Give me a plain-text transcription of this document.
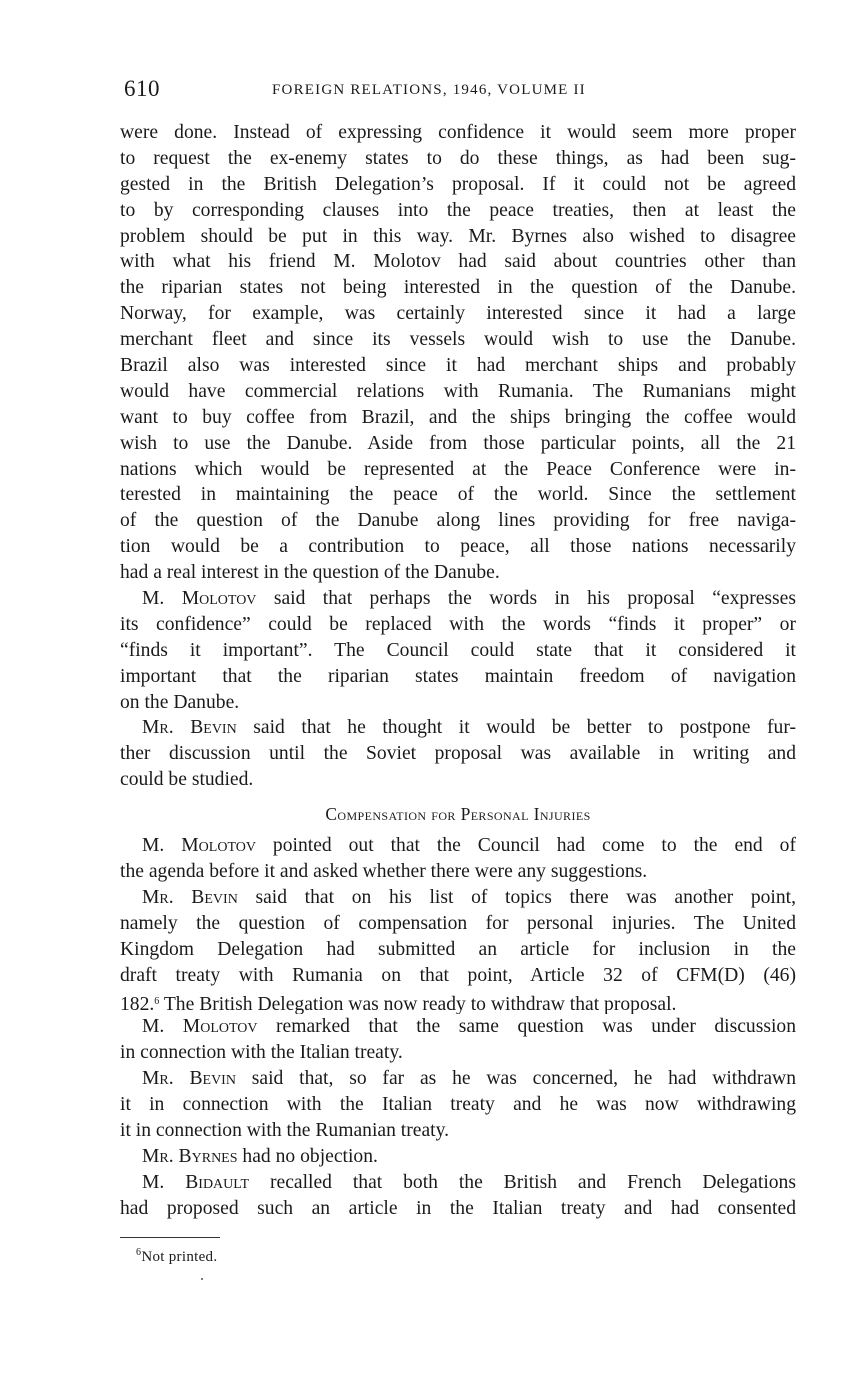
610	FOREIGN RELATIONS, 1946, VOLUME II
were done. Instead of expressing confidence it would seem more proper
to request the ex-enemy states to do these things, as had been sug-
gested in the British Delegation’s proposal. If it could not be agreed
to by corresponding clauses into the peace treaties, then at least the
problem should be put in this way. Mr. Byrnes also wished to disagree
with what his friend M. Molotov had said about countries other than
the riparian states not being interested in the question of the Danube.
Norway, for example, was certainly interested since it had a large
merchant fleet and since its vessels would wish to use the Danube.
Brazil also was interested since it had merchant ships and probably
would have commercial relations with Rumania. The Rumanians might
want to buy coffee from Brazil, and the ships bringing the coffee would
wish to use the Danube. Aside from those particular points, all the 21
nations which would be represented at the Peace Conference were in-
terested in maintaining the peace of the world. Since the settlement
of the question of the Danube along lines providing for free naviga-
tion would be a contribution to peace, all those nations necessarily
had a real interest in the question of the Danube.
M. Molotov said that perhaps the words in his proposal “expresses
its confidence” could be replaced with the words “finds it proper” or
“finds it important”. The Council could state that it considered it
important that the riparian states maintain freedom of navigation
on the Danube.
Mr. Bevin said that he thought it would be better to postpone fur-
ther discussion until the Soviet proposal was available in writing and
could be studied.
Compensation for Personal Injuries
M. Molotov pointed out that the Council had come to the end of
the agenda before it and asked whether there were any suggestions.
Mr. Bevin said that on his list of topics there was another point,
namely the question of compensation for personal injuries. The United
Kingdom Delegation had submitted an article for inclusion in the
draft treaty with Rumania on that point, Article 32 of CFM(D) (46)
182.$^6$ The British Delegation was now ready to withdraw that proposal.
M. Molotov remarked that the same question was under discussion
in connection with the Italian treaty.
Mr. Bevin said that, so far as he was concerned, he had withdrawn
it in connection with the Italian treaty and he was now withdrawing
it in connection with the Rumanian treaty.
Mr. Byrnes had no objection.
M. Bidault recalled that both the British and French Delegations
had proposed such an article in the Italian treaty and had consented
$^6$Not printed.
